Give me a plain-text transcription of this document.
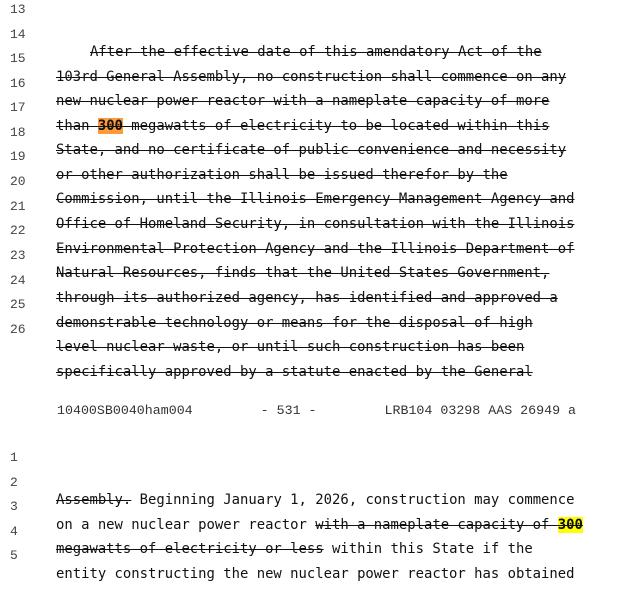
13

After the effective date of this amendatory Act of the

14

103rd General Assembly, no construction shall commence on any

15

new nuclear power reactor with a nameplate capacity of more

16

than 300 megawatts of electricity to be located within this

17

State, and no certificate of public convenience and necessity

18

or other authorization shall be issued therefor by the

19

Commission, until the Illinois Emergency Management Agency and

20

Office of Homeland Security, in consultation with the Illinois

21

Environmental Protection Agency and the Illinois Department of

22

Natural Resources, finds that the United States Government,

23

through its authorized agency, has identified and approved a

24

demonstrable technology or means for the disposal of high

25

level nuclear waste, or until such construction has been

26

specifically approved by a statute enacted by the General

10400SB0040ham004	- 531 -	LRB104 03298 AAS 26949 a

1

Assembly. Beginning January 1, 2026, construction may commence

2

on a new nuclear power reactor with a nameplate capacity of 300

3

megawatts of electricity or less within this State if the

4

entity constructing the new nuclear power reactor has obtained

5
